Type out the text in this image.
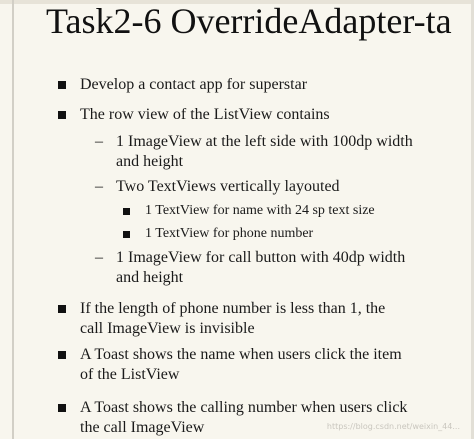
Task2-6 OverrideAdapter-ta
Develop a contact app for superstar
The row view of the ListView contains
– 1 ImageView at the left side with 100dp width
and height
– Two TextViews vertically layouted
1 TextView for name with 24 sp text size
1 TextView for phone number
– 1 ImageView for call button with 40dp width
and height
If the length of phone number is less than 1, the
call ImageView is invisible
A Toast shows the name when users click the item
of the ListView
A Toast shows the calling number when users click
the call ImageView	https://blog.csdn.net/weixin_44...
